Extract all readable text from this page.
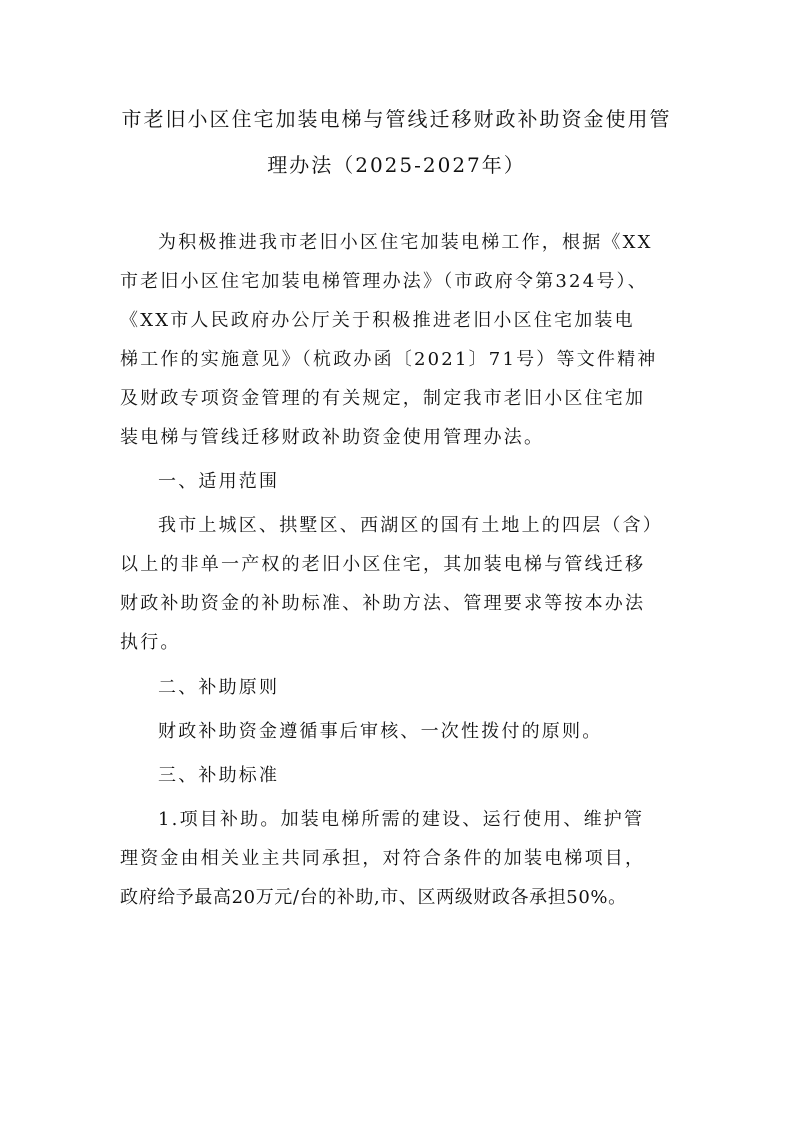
市老旧小区住宅加装电梯与管线迁移财政补助资金使用管
理办法（2025-2027年）

为积极推进我市老旧小区住宅加装电梯工作，根据《XX

市老旧小区住宅加装电梯管理办法》（市政府令第324号）、

《XX市人民政府办公厅关于积极推进老旧小区住宅加装电

梯工作的实施意见》（杭政办函〔2021〕71号）等文件精神

及财政专项资金管理的有关规定，制定我市老旧小区住宅加

装电梯与管线迁移财政补助资金使用管理办法。

一、适用范围

我市上城区、拱墅区、西湖区的国有土地上的四层（含）

以上的非单一产权的老旧小区住宅，其加装电梯与管线迁移

财政补助资金的补助标准、补助方法、管理要求等按本办法

执行。

二、补助原则

财政补助资金遵循事后审核、一次性拨付的原则。

三、补助标准

1.项目补助。加装电梯所需的建设、运行使用、维护管

理资金由相关业主共同承担，对符合条件的加装电梯项目，

政府给予最高20万元/台的补助,市、区两级财政各承担50%。
